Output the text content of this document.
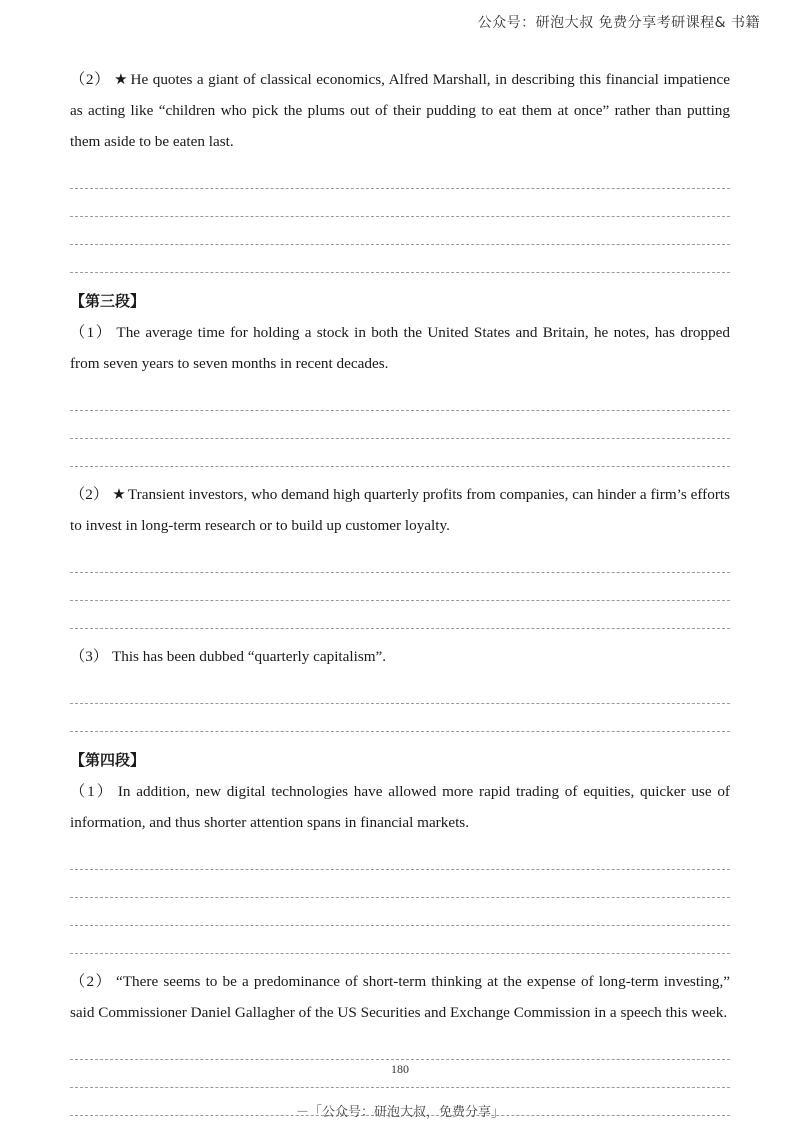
公众号：研泡大叔 免费分享考研课程& 书籍

（2） ★ He quotes a giant of classical economics, Alfred Marshall, in describing this financial impatience as acting like “children who pick the plums out of their pudding to eat them at once” rather than putting them aside to be eaten last.

【第三段】

（1） The average time for holding a stock in both the United States and Britain, he notes, has dropped from seven years to seven months in recent decades.

（2） ★ Transient investors, who demand high quarterly profits from companies, can hinder a firm’s efforts to invest in long-term research or to build up customer loyalty.

（3） This has been dubbed “quarterly capitalism”.

【第四段】

（1） In addition, new digital technologies have allowed more rapid trading of equities, quicker use of information, and thus shorter attention spans in financial markets.

（2） “There seems to be a predominance of short-term thinking at the expense of long-term investing,” said Commissioner Daniel Gallagher of the US Securities and Exchange Commission in a speech this week.

180
－「公众号：研泡大叔，免费分享」
